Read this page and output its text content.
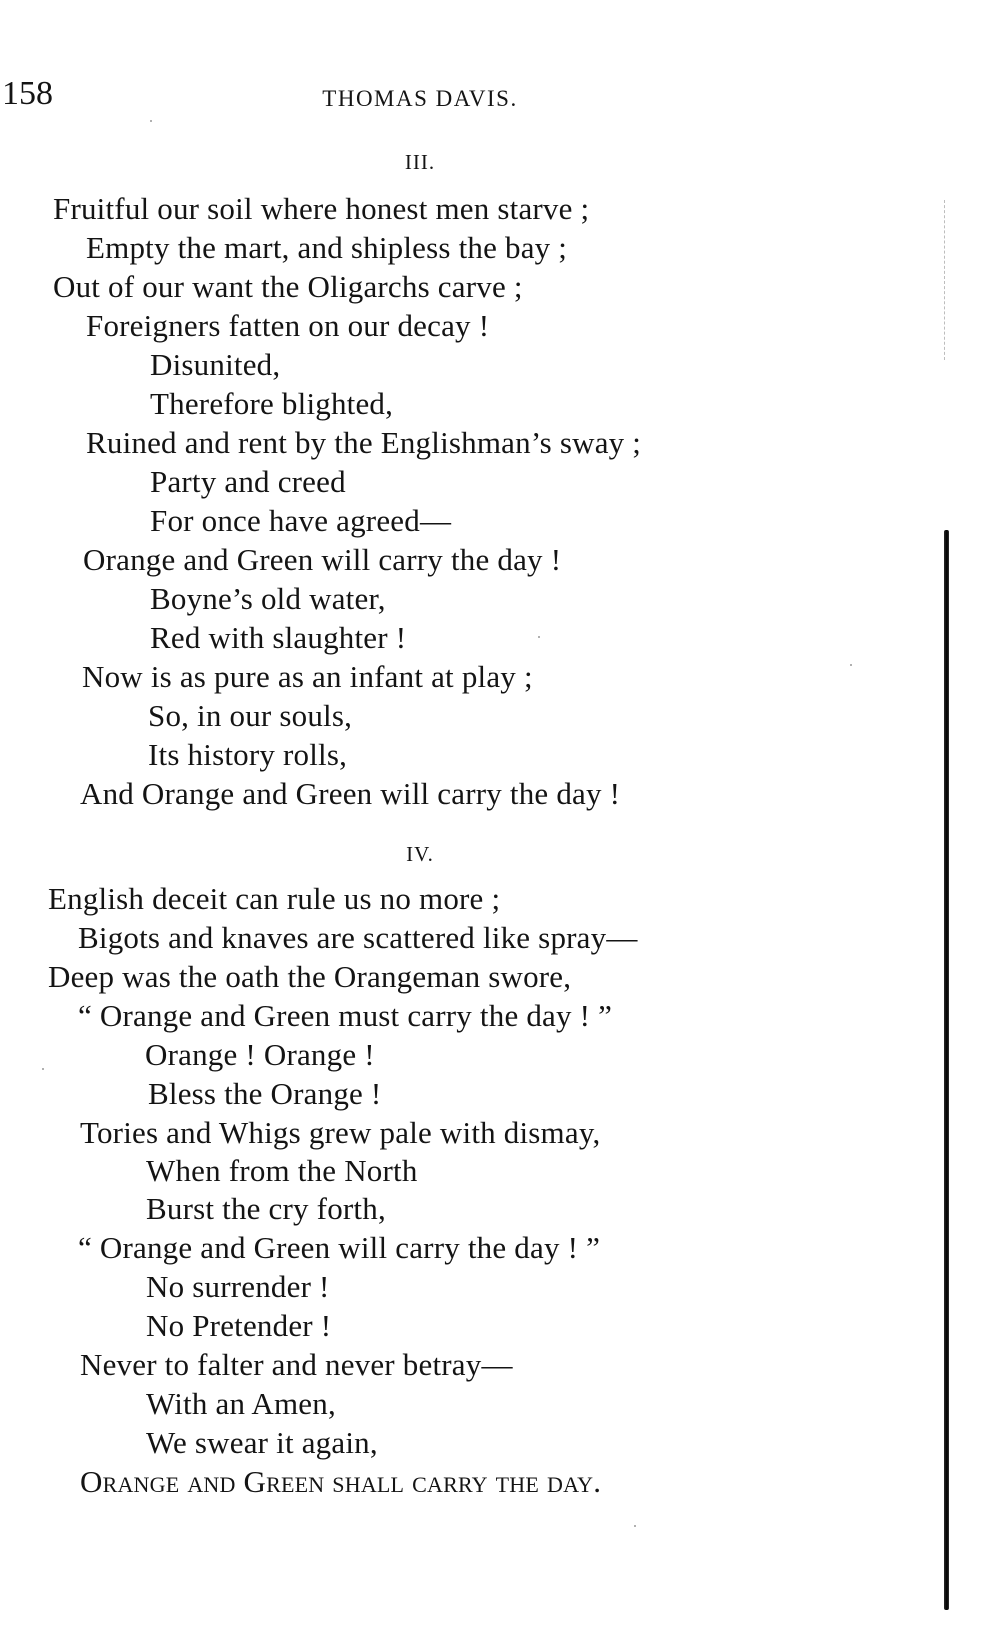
158	THOMAS DAVIS.
III.
Fruitful our soil where honest men starve ;
Empty the mart, and shipless the bay ;
Out of our want the Oligarchs carve ;
Foreigners fatten on our decay !
Disunited,
Therefore blighted,
Ruined and rent by the Englishman’s sway ;
Party and creed
For once have agreed—
Orange and Green will carry the day !
Boyne’s old water,
Red with slaughter !
Now is as pure as an infant at play ;
So, in our souls,
Its history rolls,
And Orange and Green will carry the day !
IV.
English deceit can rule us no more ;
Bigots and knaves are scattered like spray—
Deep was the oath the Orangeman swore,
“ Orange and Green must carry the day ! ”
Orange ! Orange !
Bless the Orange !
Tories and Whigs grew pale with dismay,
When from the North
Burst the cry forth,
“ Orange and Green will carry the day ! ”
No surrender !
No Pretender !
Never to falter and never betray—
With an Amen,
We swear it again,
Orange and Green shall carry the day.
